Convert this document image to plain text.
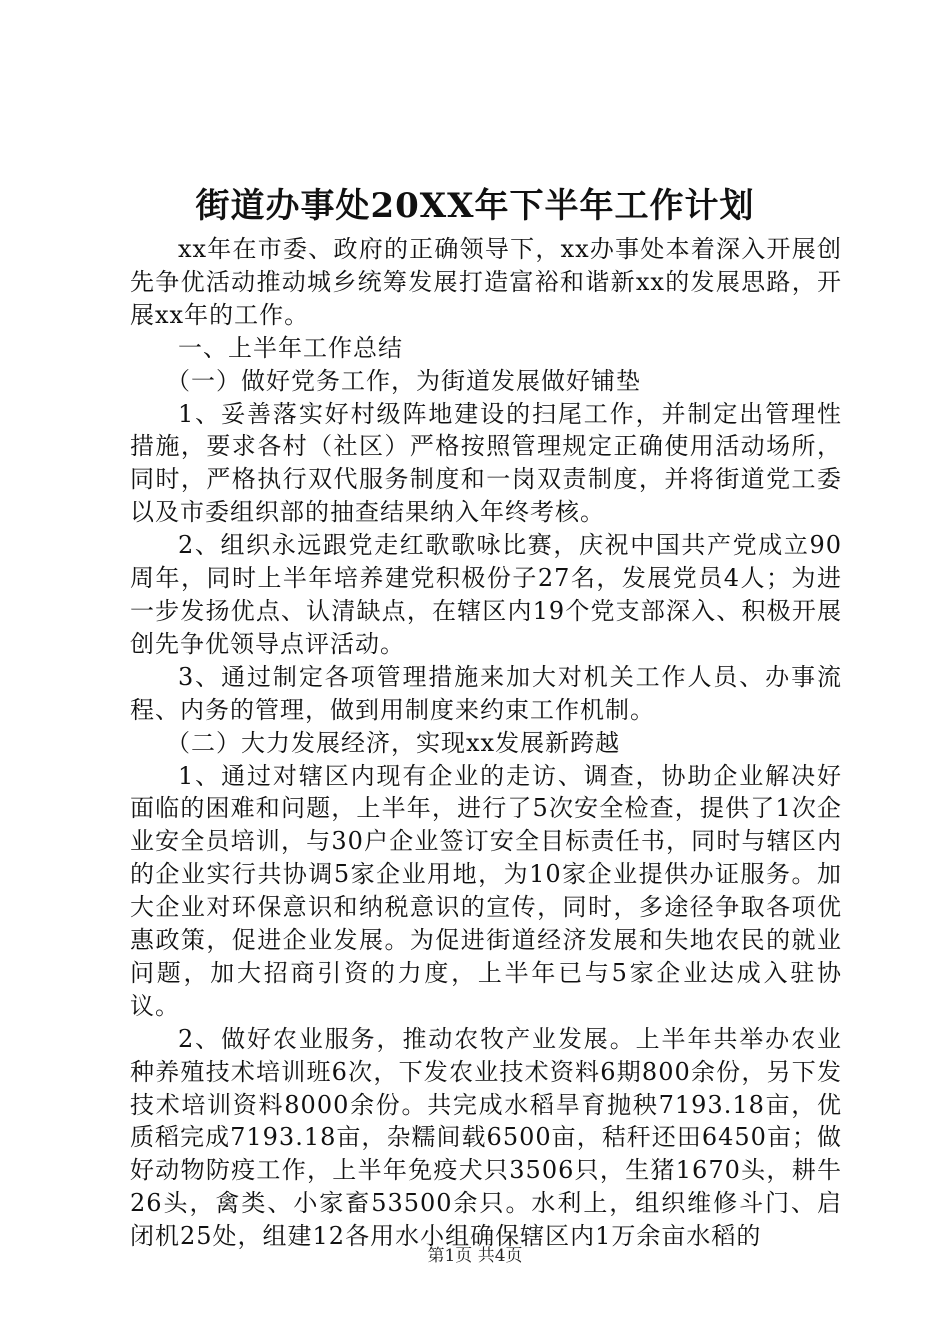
街道办事处20XX年下半年工作计划

xx年在市委、政府的正确领导下，xx办事处本着深入开展创先争优活动推动城乡统筹发展打造富裕和谐新xx的发展思路，开展xx年的工作。

一、上半年工作总结

（一）做好党务工作，为街道发展做好铺垫

1、妥善落实好村级阵地建设的扫尾工作，并制定出管理性措施，要求各村（社区）严格按照管理规定正确使用活动场所，同时，严格执行双代服务制度和一岗双责制度，并将街道党工委以及市委组织部的抽查结果纳入年终考核。

2、组织永远跟党走红歌歌咏比赛，庆祝中国共产党成立90周年，同时上半年培养建党积极份子27名，发展党员4人；为进一步发扬优点、认清缺点，在辖区内19个党支部深入、积极开展创先争优领导点评活动。

3、通过制定各项管理措施来加大对机关工作人员、办事流程、内务的管理，做到用制度来约束工作机制。

（二）大力发展经济，实现xx发展新跨越

1、通过对辖区内现有企业的走访、调查，协助企业解决好面临的困难和问题，上半年，进行了5次安全检查，提供了1次企业安全员培训，与30户企业签订安全目标责任书，同时与辖区内的企业实行共协调5家企业用地，为10家企业提供办证服务。加大企业对环保意识和纳税意识的宣传，同时，多途径争取各项优惠政策，促进企业发展。为促进街道经济发展和失地农民的就业问题，加大招商引资的力度，上半年已与5家企业达成入驻协议。

2、做好农业服务，推动农牧产业发展。上半年共举办农业种养殖技术培训班6次，下发农业技术资料6期800余份，另下发技术培训资料8000余份。共完成水稻旱育抛秧7193.18亩，优质稻完成7193.18亩，杂糯间载6500亩，秸秆还田6450亩；做好动物防疫工作，上半年免疫犬只3506只，生猪1670头，耕牛26头，禽类、小家畜53500余只。水利上，组织维修斗门、启闭机25处，组建12各用水小组确保辖区内1万余亩水稻的

第1页 共4页
